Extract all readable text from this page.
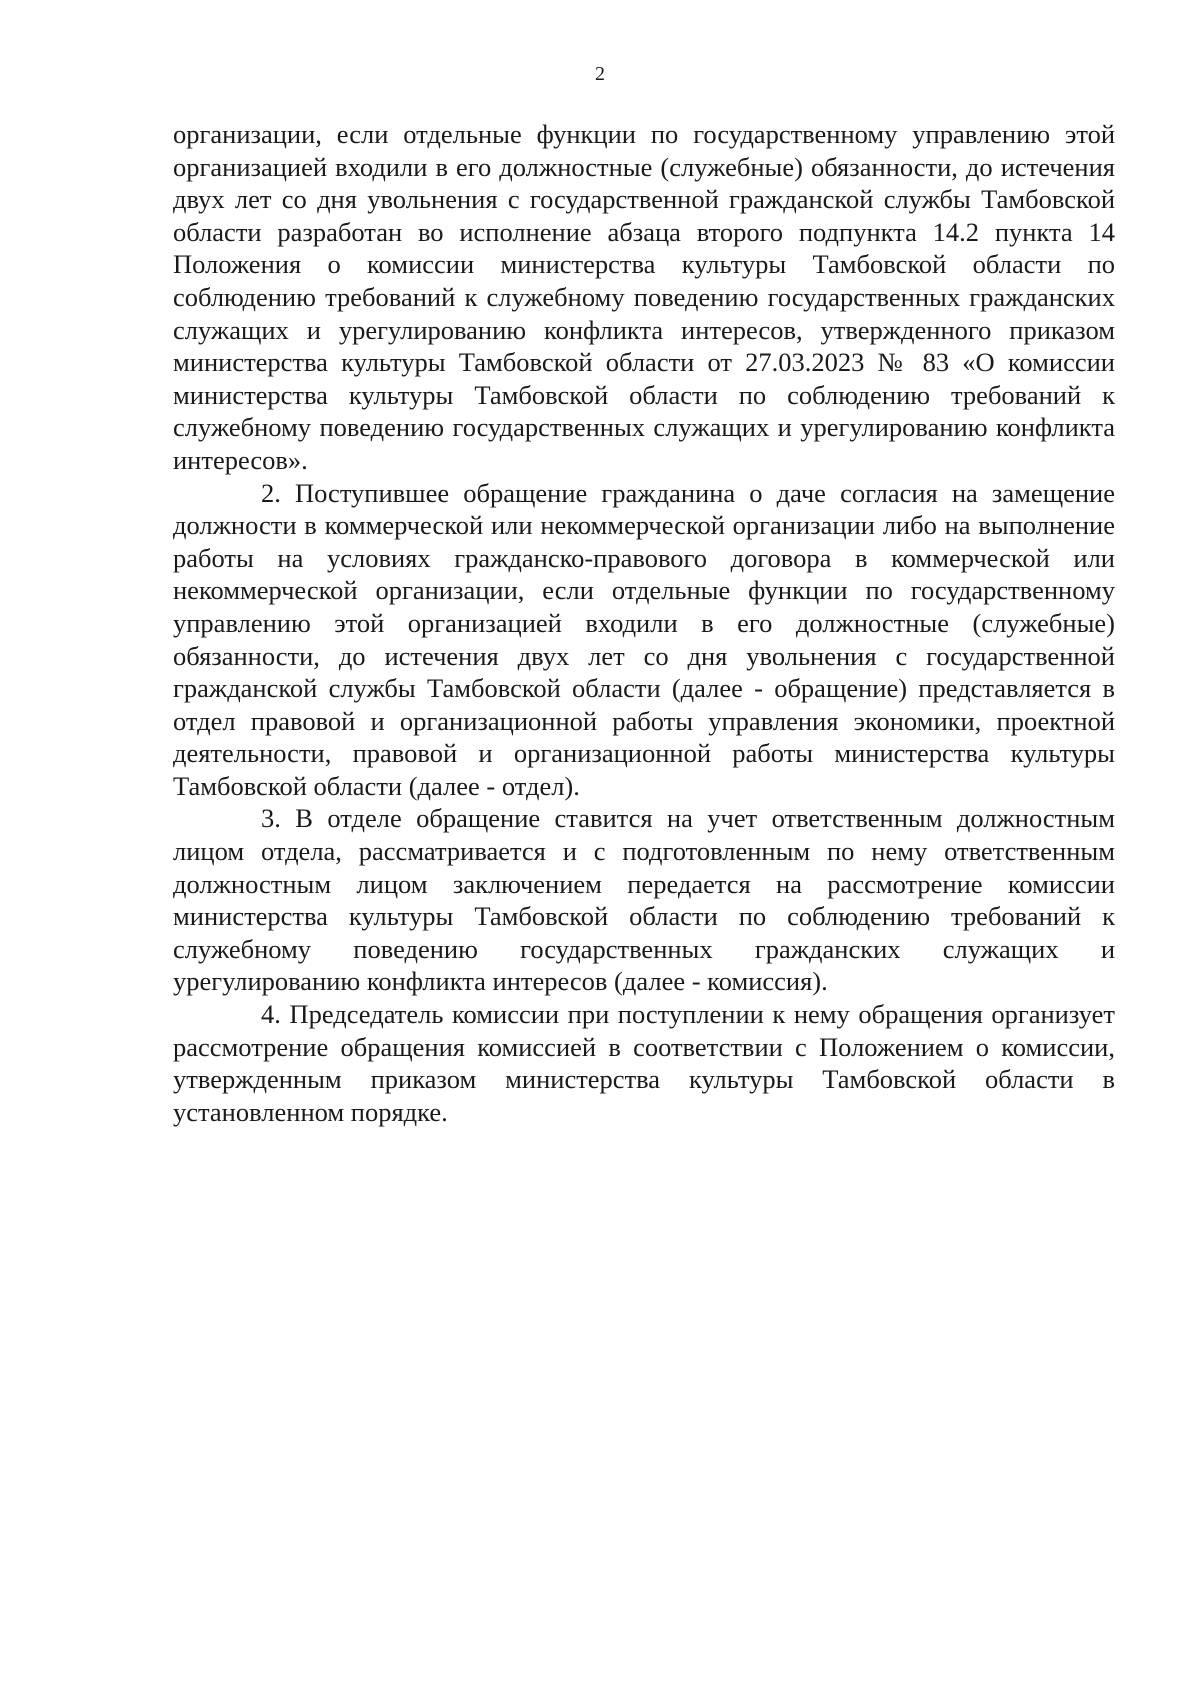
2

организации, если отдельные функции по государственному управлению этой организацией входили в его должностные (служебные) обязанности, до истечения двух лет со дня увольнения с государственной гражданской службы Тамбовской области разработан во исполнение абзаца второго подпункта 14.2 пункта 14 Положения о комиссии министерства культуры Тамбовской области по соблюдению требований к служебному поведению государственных гражданских служащих и урегулированию конфликта интересов, утвержденного приказом министерства культуры Тамбовской области от 27.03.2023 № 83 «О комиссии министерства культуры Тамбовской области по соблюдению требований к служебному поведению государственных служащих и урегулированию конфликта интересов».

2. Поступившее обращение гражданина о даче согласия на замещение должности в коммерческой или некоммерческой организации либо на выполнение работы на условиях гражданско-правового договора в коммерческой или некоммерческой организации, если отдельные функции по государственному управлению этой организацией входили в его должностные (служебные) обязанности, до истечения двух лет со дня увольнения с государственной гражданской службы Тамбовской области (далее - обращение) представляется в отдел правовой и организационной работы управления экономики, проектной деятельности, правовой и организационной работы министерства культуры Тамбовской области (далее - отдел).

3. В отделе обращение ставится на учет ответственным должностным лицом отдела, рассматривается и с подготовленным по нему ответственным должностным лицом заключением передается на рассмотрение комиссии министерства культуры Тамбовской области по соблюдению требований к служебному поведению государственных гражданских служащих и урегулированию конфликта интересов (далее - комиссия).

4. Председатель комиссии при поступлении к нему обращения организует рассмотрение обращения комиссией в соответствии с Положением о комиссии, утвержденным приказом министерства культуры Тамбовской области в установленном порядке.
